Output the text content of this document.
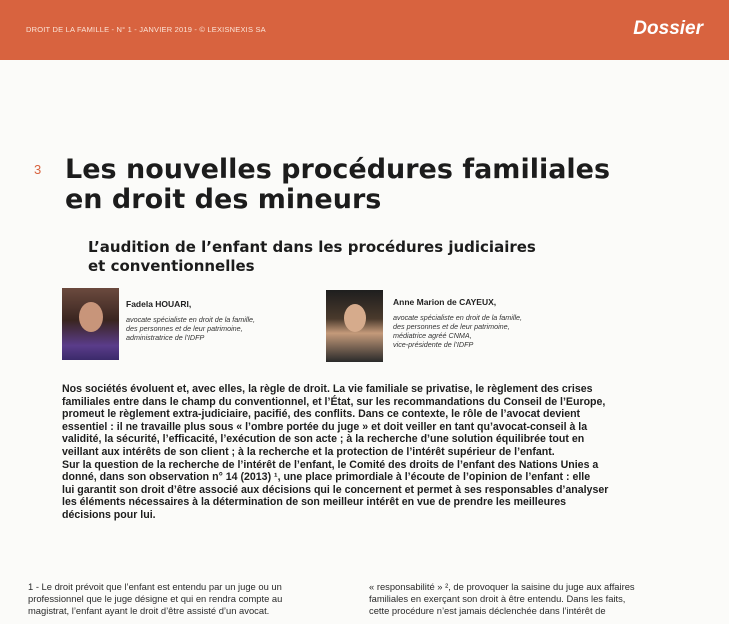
DROIT DE LA FAMILLE - N° 1 - JANVIER 2019 - © LEXISNEXIS SA	Dossier
3 Les nouvelles procédures familiales
en droit des mineurs
L’audition de l’enfant dans les procédures judiciaires
et conventionnelles
Fadela HOUARI,
avocate spécialiste en droit de la famille,
des personnes et de leur patrimoine,
administratrice de l’IDFP
Anne Marion de CAYEUX,
avocate spécialiste en droit de la famille,
des personnes et de leur patrimoine,
médiatrice agréé CNMA,
vice-présidente de l’IDFP
Nos sociétés évoluent et, avec elles, la règle de droit. La vie familiale se privatise, le règlement des crises
familiales entre dans le champ du conventionnel, et l’État, sur les recommandations du Conseil de l’Europe,
promeut le règlement extra-judiciaire, pacifié, des conflits. Dans ce contexte, le rôle de l’avocat devient
essentiel : il ne travaille plus sous « l’ombre portée du juge » et doit veiller en tant qu’avocat-conseil à la
validité, la sécurité, l’efficacité, l’exécution de son acte ; à la recherche d’une solution équilibrée tout en
veillant aux intérêts de son client ; à la recherche et la protection de l’intérêt supérieur de l’enfant.
Sur la question de la recherche de l’intérêt de l’enfant, le Comité des droits de l’enfant des Nations Unies a
donné, dans son observation n° 14 (2013) ¹, une place primordiale à l’écoute de l’opinion de l’enfant : elle
lui garantit son droit d’être associé aux décisions qui le concernent et permet à ses responsables d’analyser
les éléments nécessaires à la détermination de son meilleur intérêt en vue de prendre les meilleures
décisions pour lui.
1 - Le droit prévoit que l’enfant est entendu par un juge ou un
professionnel que le juge désigne et qui en rendra compte au
magistrat, l’enfant ayant le droit d’être assisté d’un avocat.
« responsabilité » ², de provoquer la saisine du juge aux affaires
familiales en exerçant son droit à être entendu. Dans les faits,
cette procédure n’est jamais déclenchée dans l’intérêt de
